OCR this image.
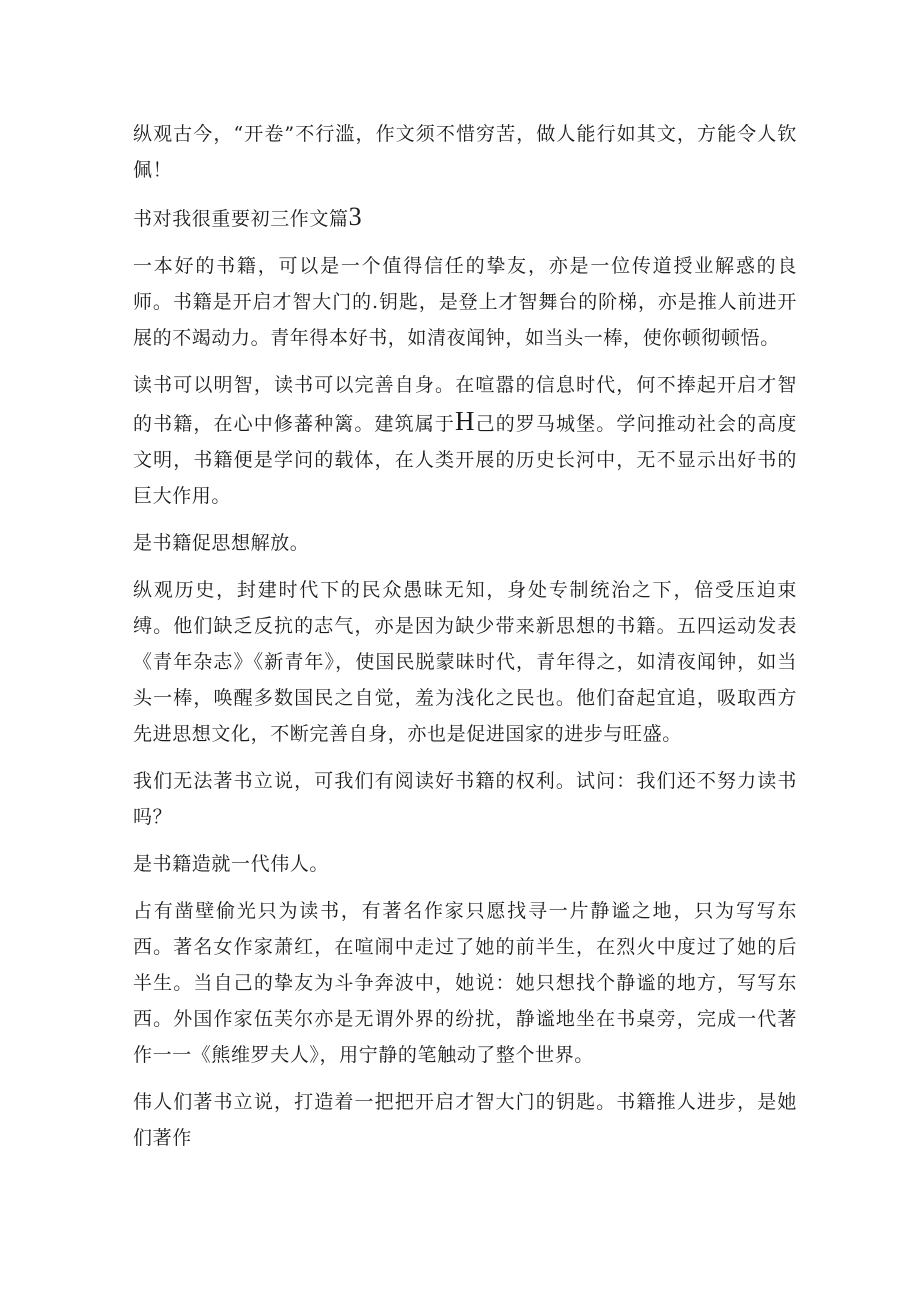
纵观古今，“开卷”不行滥，作文须不惜穷苦，做人能行如其文，方能令人钦佩！

书对我很重要初三作文篇3

一本好的书籍，可以是一个值得信任的挚友，亦是一位传道授业解惑的良师。书籍是开启才智大门的.钥匙，是登上才智舞台的阶梯，亦是推人前进开展的不竭动力。青年得本好书，如清夜闻钟，如当头一棒，使你顿彻顿悟。

读书可以明智，读书可以完善自身。在喧嚣的信息时代，何不捧起开启才智的书籍，在心中修蕃种篱。建筑属于H己的罗马城堡。学问推动社会的高度文明，书籍便是学问的载体，在人类开展的历史长河中，无不显示出好书的巨大作用。

是书籍促思想解放。

纵观历史，封建时代下的民众愚昧无知，身处专制统治之下，倍受压迫束缚。他们缺乏反抗的志气，亦是因为缺少带来新思想的书籍。五四运动发表《青年杂志》《新青年》，使国民脱蒙昧时代，青年得之，如清夜闻钟，如当头一棒，唤醒多数国民之自觉，羞为浅化之民也。他们奋起宜追，吸取西方先进思想文化，不断完善自身，亦也是促进国家的进步与旺盛。

我们无法著书立说，可我们有阅读好书籍的权利。试问：我们还不努力读书吗？

是书籍造就一代伟人。

占有凿壁偷光只为读书，有著名作家只愿找寻一片静谧之地，只为写写东西。著名女作家萧红，在喧闹中走过了她的前半生，在烈火中度过了她的后半生。当自己的挚友为斗争奔波中，她说：她只想找个静谧的地方，写写东西。外国作家伍芙尔亦是无谓外界的纷扰，静谧地坐在书桌旁，完成一代著作一一《熊维罗夫人》，用宁静的笔触动了整个世界。

伟人们著书立说，打造着一把把开启才智大门的钥匙。书籍推人进步，是她们著作
